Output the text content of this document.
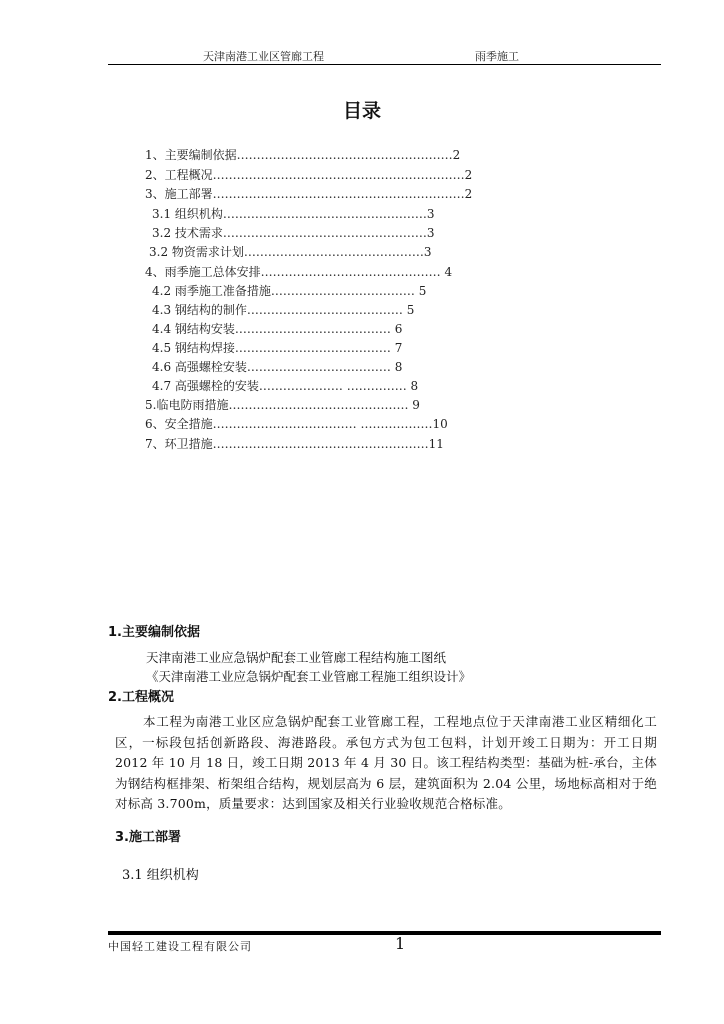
天津南港工业区管廊工程	雨季施工
目录
1、主要编制依据………………………………………………2
2、工程概况………………………………………………………2
3、施工部署………………………………………………………2
3.1 组织机构……………………………………………3
3.2 技术需求……………………………………………3
3.2 物资需求计划………………………………………3
4、雨季施工总体安排……………………………………… 4
4.2 雨季施工准备措施……………………………… 5
4.3 钢结构的制作………………………………… 5
4.4 钢结构安装………………………………… 6
4.5 钢结构焊接………………………………… 7
4.6 高强螺栓安装……………………………… 8
4.7 高强螺栓的安装………………… …………… 8
5.临电防雨措施……………………………………… 9
6、安全措施……………………………… ………………10
7、环卫措施………………………………………………11
1.主要编制依据
天津南港工业应急锅炉配套工业管廊工程结构施工图纸
《天津南港工业应急锅炉配套工业管廊工程施工组织设计》
2.工程概况
本工程为南港工业区应急锅炉配套工业管廊工程，工程地点位于天津南港工业区精细化工区，一标段包括创新路段、海港路段。承包方式为包工包料，计划开竣工日期为：开工日期 2012 年 10 月 18 日，竣工日期 2013 年 4 月 30 日。该工程结构类型：基础为桩-承台，主体为钢结构框排架、桁架组合结构，规划层高为 6 层，建筑面积为 2.04 公里，场地标高相对于绝对标高 3.700m，质量要求：达到国家及相关行业验收规范合格标准。
3.施工部署
3.1 组织机构
中国轻工建设工程有限公司	1
